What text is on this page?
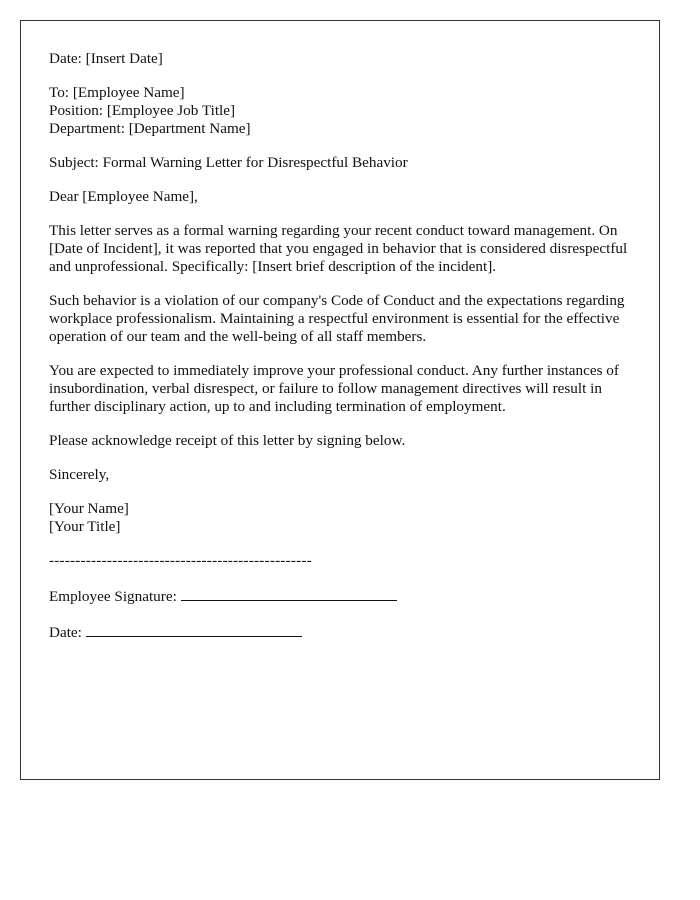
Date: [Insert Date]

To: [Employee Name]
Position: [Employee Job Title]
Department: [Department Name]

Subject: Formal Warning Letter for Disrespectful Behavior

Dear [Employee Name],

This letter serves as a formal warning regarding your recent conduct toward management. On [Date of Incident], it was reported that you engaged in behavior that is considered disrespectful and unprofessional. Specifically: [Insert brief description of the incident].

Such behavior is a violation of our company's Code of Conduct and the expectations regarding workplace professionalism. Maintaining a respectful environment is essential for the effective operation of our team and the well-being of all staff members.

You are expected to immediately improve your professional conduct. Any further instances of insubordination, verbal disrespect, or failure to follow management directives will result in further disciplinary action, up to and including termination of employment.

Please acknowledge receipt of this letter by signing below.

Sincerely,

[Your Name]
[Your Title]

--------------------------------------------------

Employee Signature:

Date:
